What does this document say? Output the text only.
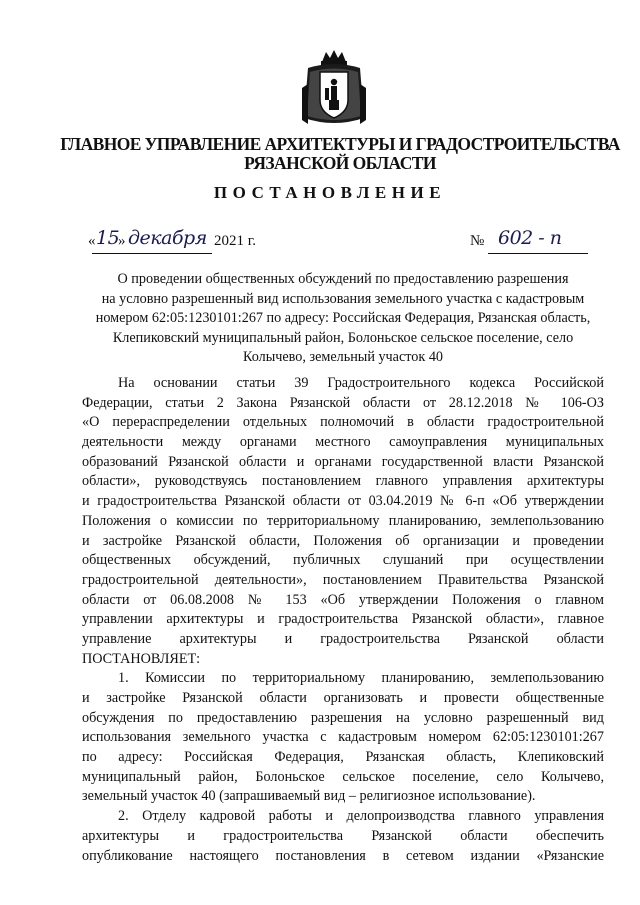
ГЛАВНОЕ УПРАВЛЕНИЕ АРХИТЕКТУРЫ И ГРАДОСТРОИТЕЛЬСТВА
РЯЗАНСКОЙ ОБЛАСТИ
ПОСТАНОВЛЕНИЕ
« 15
» декабря 2021 г.	№ 602 - п
О проведении общественных обсуждений по предоставлению разрешения
на условно разрешенный вид использования земельного участка с кадастровым
номером 62:05:1230101:267 по адресу: Российская Федерация, Рязанская область,
Клепиковский муниципальный район, Болоньское сельское поселение, село
Колычево, земельный участок 40
На основании статьи 39 Градостроительного кодекса Российской
Федерации, статьи 2 Закона Рязанской области от 28.12.2018 № 106-ОЗ
«О перераспределении отдельных полномочий в области градостроительной
деятельности между органами местного самоуправления муниципальных
образований Рязанской области и органами государственной власти Рязанской
области», руководствуясь постановлением главного управления архитектуры
и градостроительства Рязанской области от 03.04.2019 № 6-п «Об утверждении
Положения о комиссии по территориальному планированию, землепользованию
и застройке Рязанской области, Положения об организации и проведении
общественных обсуждений, публичных слушаний при осуществлении
градостроительной деятельности», постановлением Правительства Рязанской
области от 06.08.2008 № 153 «Об утверждении Положения о главном
управлении архитектуры и градостроительства Рязанской области», главное
управление архитектуры и градостроительства Рязанской области
ПОСТАНОВЛЯЕТ:
1. Комиссии по территориальному планированию, землепользованию
и застройке Рязанской области организовать и провести общественные
обсуждения по предоставлению разрешения на условно разрешенный вид
использования земельного участка с кадастровым номером 62:05:1230101:267
по адресу: Российская Федерация, Рязанская область, Клепиковский
муниципальный район, Болоньское сельское поселение, село Колычево,
земельный участок 40 (запрашиваемый вид – религиозное использование).
2. Отделу кадровой работы и делопроизводства главного управления
архитектуры и градостроительства Рязанской области обеспечить
опубликование настоящего постановления в сетевом издании «Рязанские
